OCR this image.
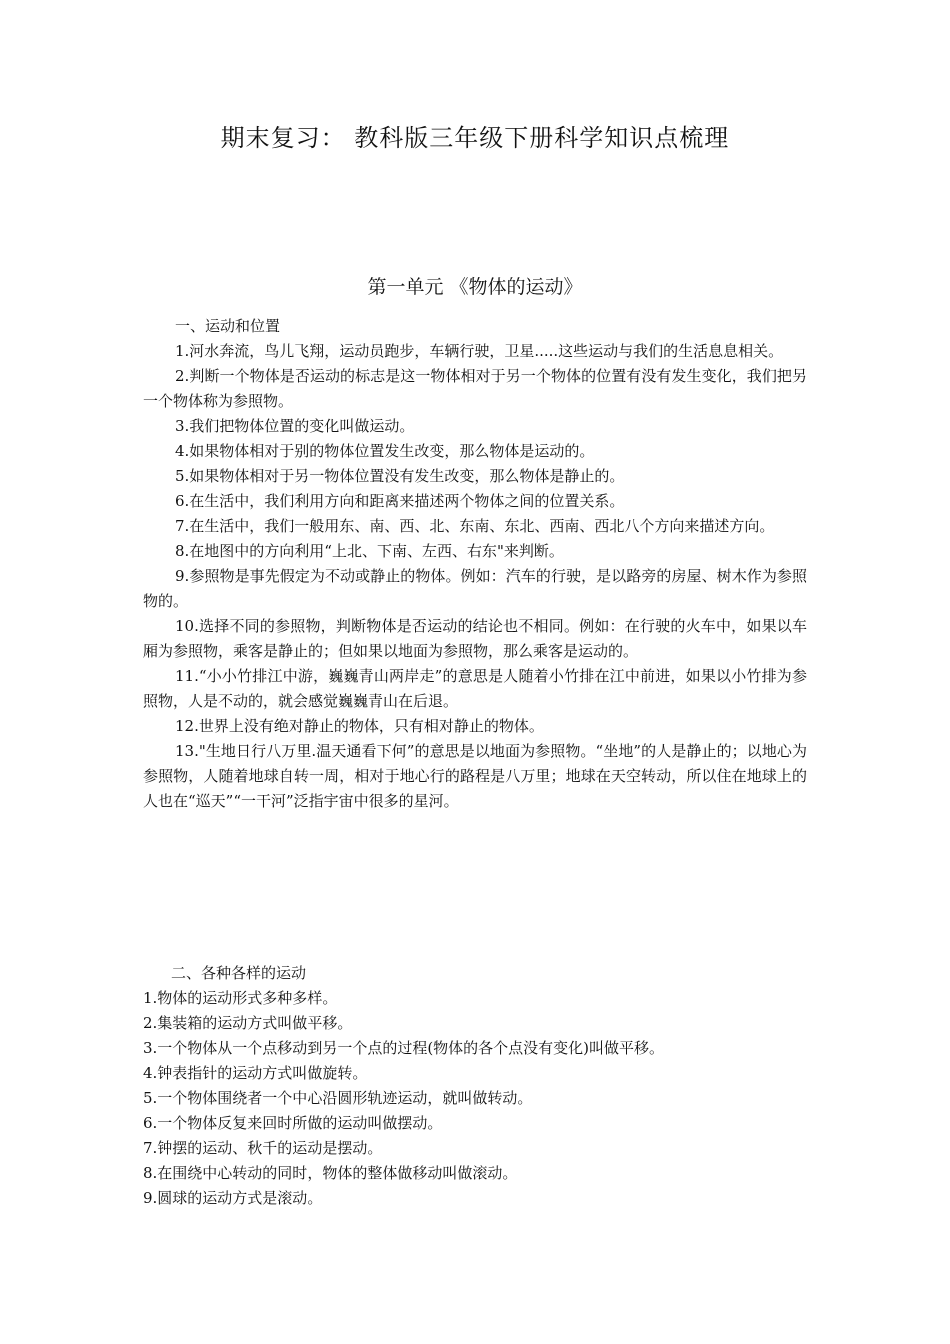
期末复习： 教科版三年级下册科学知识点梳理
第一单元 《物体的运动》

一、运动和位置

1.河水奔流，鸟儿飞翔，运动员跑步，车辆行驶，卫星.....这些运动与我们的生活息息相关。

2.判断一个物体是否运动的标志是这一物体相对于另一个物体的位置有没有发生变化，我们把另一个物体称为参照物。

3.我们把物体位置的变化叫做运动。

4.如果物体相对于别的物体位置发生改变，那么物体是运动的。

5.如果物体相对于另一物体位置没有发生改变，那么物体是静止的。

6.在生活中，我们利用方向和距离来描述两个物体之间的位置关系。

7.在生活中，我们一般用东、南、西、北、东南、东北、西南、西北八个方向来描述方向。

8.在地图中的方向利用“上北、下南、左西、右东"来判断。

9.参照物是事先假定为不动或静止的物体。例如：汽车的行驶，是以路旁的房屋、树木作为参照物的。

10.选择不同的参照物，判断物体是否运动的结论也不相同。例如：在行驶的火车中，如果以车厢为参照物，乘客是静止的；但如果以地面为参照物，那么乘客是运动的。

11.“小小竹排江中游，巍巍青山两岸走”的意思是人随着小竹排在江中前进，如果以小竹排为参照物，人是不动的，就会感觉巍巍青山在后退。

12.世界上没有绝对静止的物体，只有相对静止的物体。

13."生地日行八万里.温天通看下何”的意思是以地面为参照物。“坐地”的人是静止的；以地心为参照物，人随着地球自转一周，相对于地心行的路程是八万里；地球在天空转动，所以住在地球上的人也在“巡天”“一干河”泛指宇宙中很多的星河。

二、各种各样的运动

1.物体的运动形式多种多样。

2.集装箱的运动方式叫做平移。

3.一个物体从一个点移动到另一个点的过程(物体的各个点没有变化)叫做平移。

4.钟表指针的运动方式叫做旋转。

5.一个物体围绕者一个中心沿圆形轨迹运动，就叫做转动。

6.一个物体反复来回时所做的运动叫做摆动。

7.钟摆的运动、秋千的运动是摆动。

8.在围绕中心转动的同时，物体的整体做移动叫做滚动。

9.圆球的运动方式是滚动。
